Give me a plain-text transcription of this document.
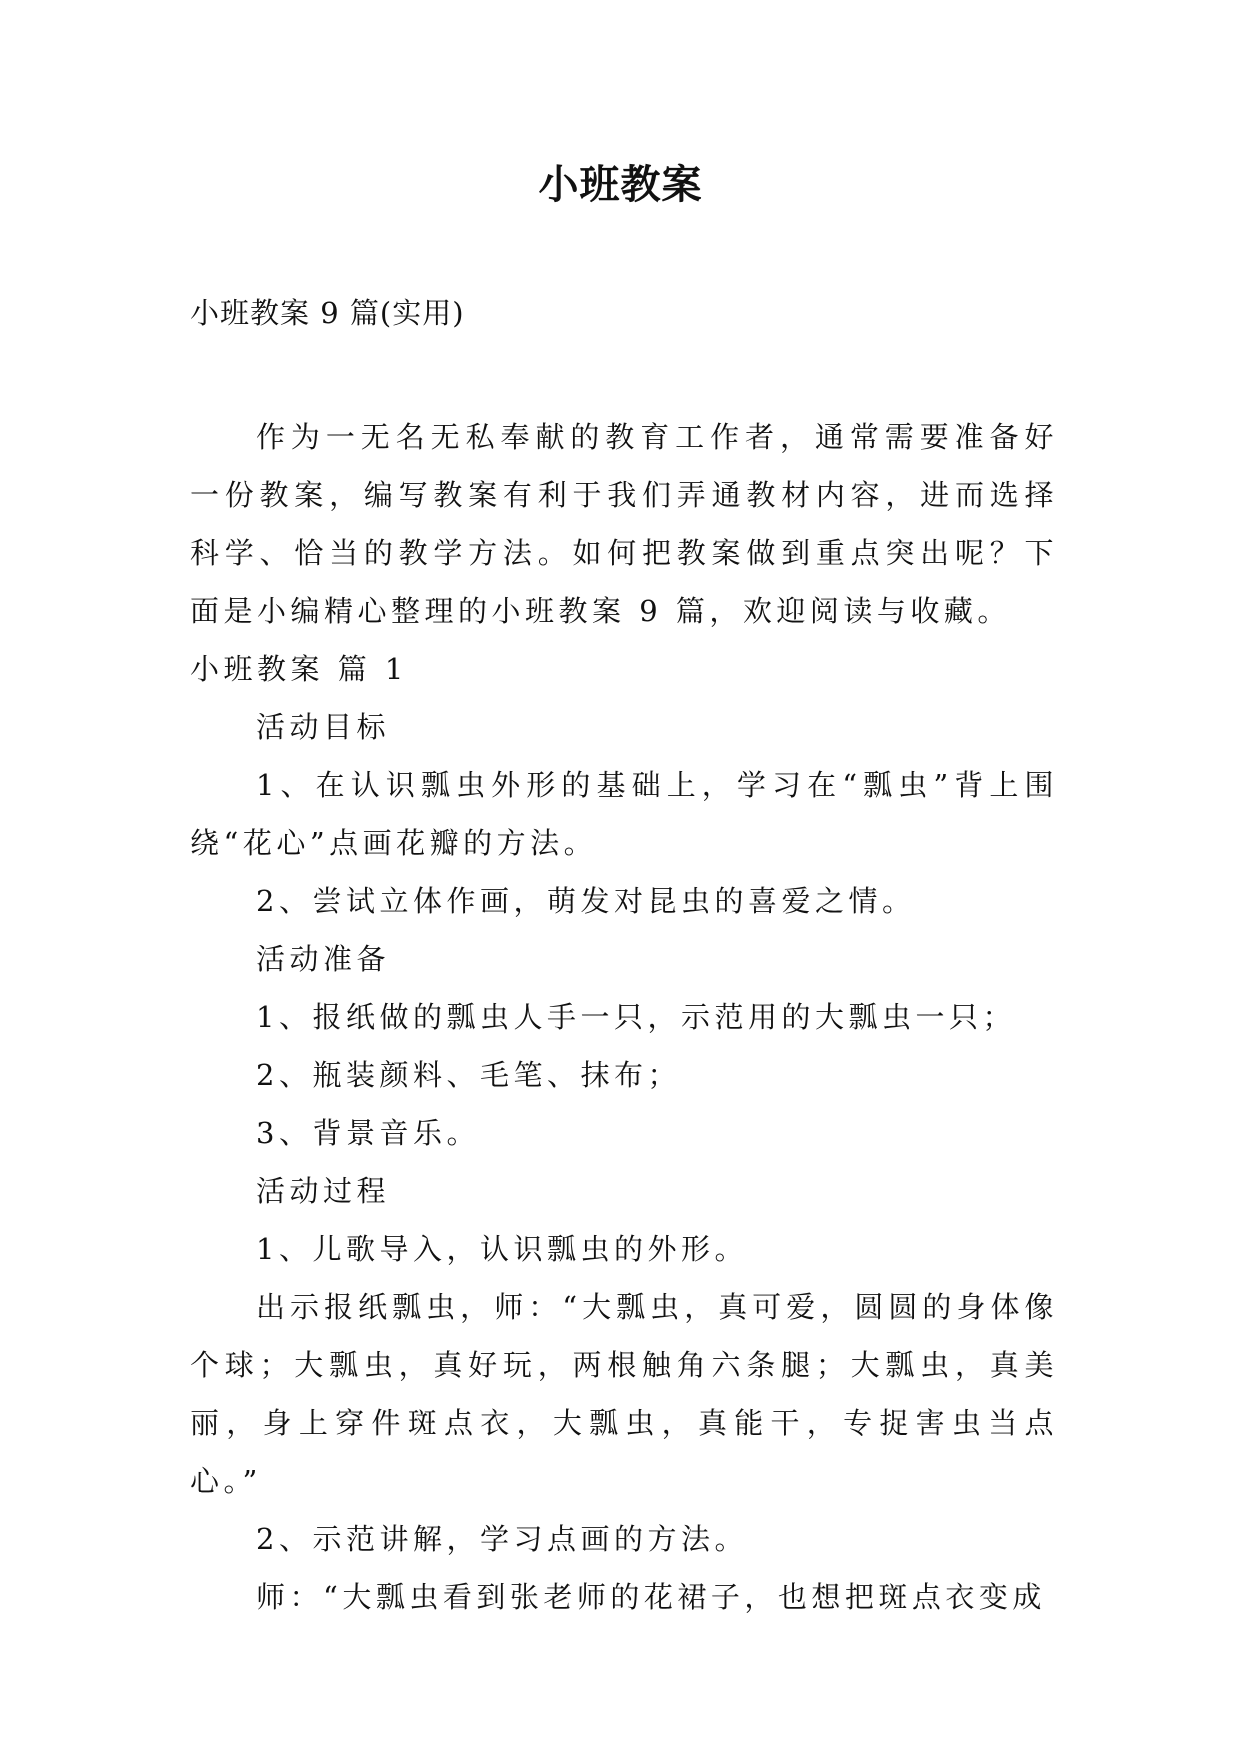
小班教案
小班教案 9 篇(实用)

作为一无名无私奉献的教育工作者，通常需要准备好一份教案，编写教案有利于我们弄通教材内容，进而选择科学、恰当的教学方法。如何把教案做到重点突出呢？下面是小编精心整理的小班教案 9 篇，欢迎阅读与收藏。

小班教案 篇 1

活动目标

1、在认识瓢虫外形的基础上，学习在“瓢虫”背上围绕“花心”点画花瓣的方法。

2、尝试立体作画，萌发对昆虫的喜爱之情。

活动准备

1、报纸做的瓢虫人手一只，示范用的大瓢虫一只；

2、瓶装颜料、毛笔、抹布；

3、背景音乐。

活动过程

1、儿歌导入，认识瓢虫的外形。

出示报纸瓢虫，师：“大瓢虫，真可爱，圆圆的身体像个球；大瓢虫，真好玩，两根触角六条腿；大瓢虫，真美丽，身上穿件斑点衣，大瓢虫，真能干，专捉害虫当点心。”

2、示范讲解，学习点画的方法。

师：“大瓢虫看到张老师的花裙子，也想把斑点衣变成
